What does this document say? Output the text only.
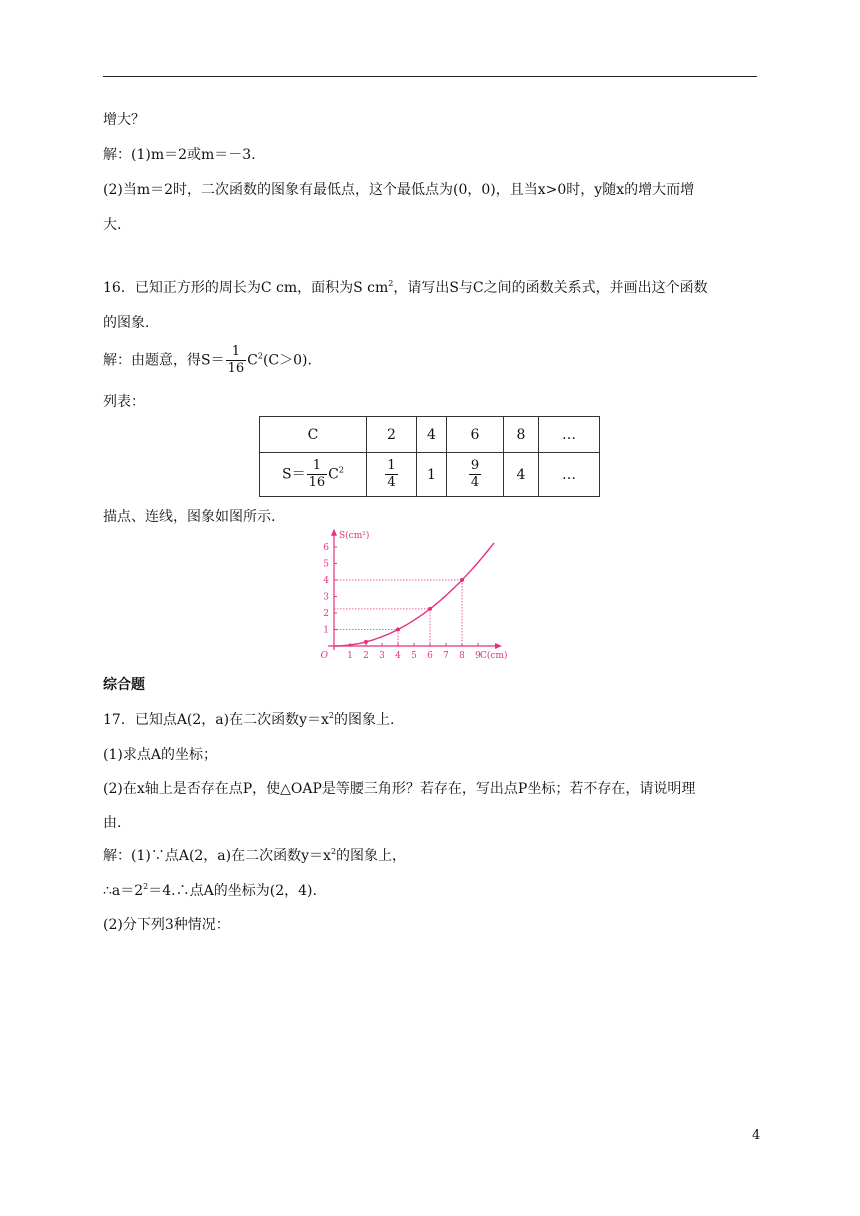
增大？
解：(1)m＝2或m＝－3.
(2)当m＝2时，二次函数的图象有最低点，这个最低点为(0，0)，且当x>0时，y随x的增大而增
大.
16．已知正方形的周长为C cm，面积为S $cm^2$，请写出S与C之间的函数关系式，并画出这个函数
的图象.
解：由题意，得$S= \frac{1}{16} C^2(C>0)$.
列表：
C	2	4	6	8	…
$S= \frac{1}{16} C^2$	$\frac{1}{4}$	1	$\frac{9}{4}$	4	…
描点、连线，图象如图所示.
1 2 3 4 5 6 7 8 9
1
2
3
4
5
6
O
S(cm²)
C(cm)
综合题
17．已知点A(2，a)在二次函数$y=x^2$的图象上.
(1)求点A的坐标；
(2)在x轴上是否存在点P，使△OAP是等腰三角形？若存在，写出点P坐标；若不存在，请说明理
由.
解：(1)∵点A(2，a)在二次函数$y=x^2$的图象上，
$\therefore a=2^2=4.\therefore$点A的坐标为(2，4).
(2)分下列3种情况：
4
